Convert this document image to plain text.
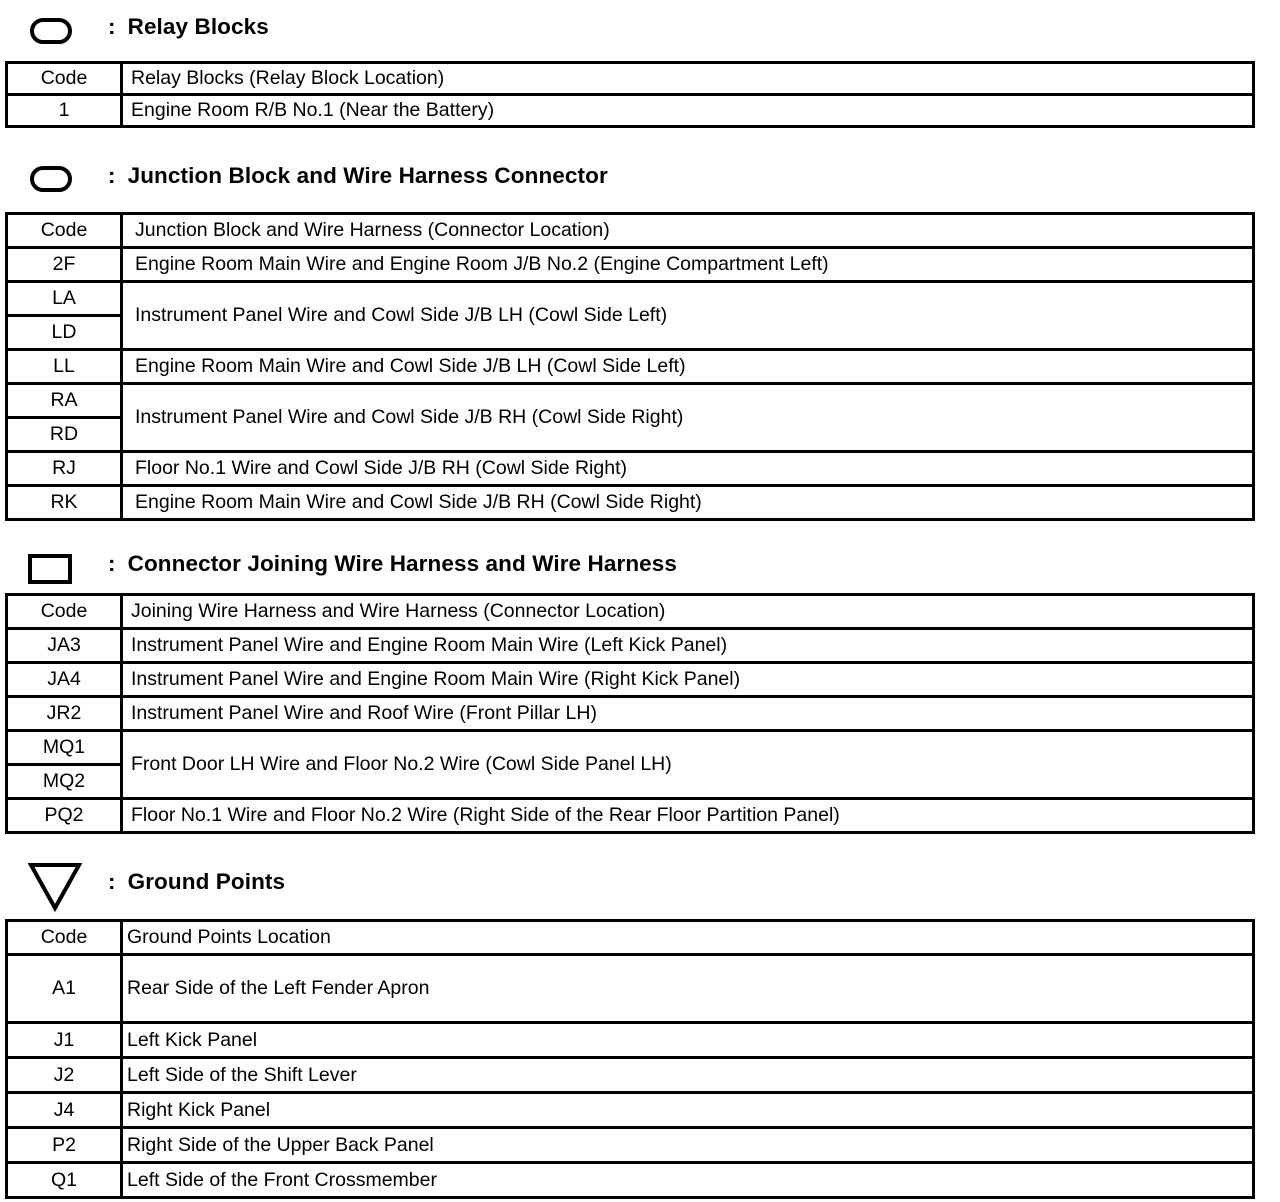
: Relay Blocks
Code	Relay Blocks (Relay Block Location)
1	Engine Room R/B No.1 (Near the Battery)
: Junction Block and Wire Harness Connector
Code	Junction Block and Wire Harness (Connector Location)
2F	Engine Room Main Wire and Engine Room J/B No.2 (Engine Compartment Left)
LA	Instrument Panel Wire and Cowl Side J/B LH (Cowl Side Left)
LD	
LL	Engine Room Main Wire and Cowl Side J/B LH (Cowl Side Left)
RA	Instrument Panel Wire and Cowl Side J/B RH (Cowl Side Right)
RD	
RJ	Floor No.1 Wire and Cowl Side J/B RH (Cowl Side Right)
RK	Engine Room Main Wire and Cowl Side J/B RH (Cowl Side Right)
: Connector Joining Wire Harness and Wire Harness
Code	Joining Wire Harness and Wire Harness (Connector Location)
JA3	Instrument Panel Wire and Engine Room Main Wire (Left Kick Panel)
JA4	Instrument Panel Wire and Engine Room Main Wire (Right Kick Panel)
JR2	Instrument Panel Wire and Roof Wire (Front Pillar LH)
MQ1	Front Door LH Wire and Floor No.2 Wire (Cowl Side Panel LH)
MQ2	
PQ2	Floor No.1 Wire and Floor No.2 Wire (Right Side of the Rear Floor Partition Panel)
: Ground Points
Code	Ground Points Location
A1	Rear Side of the Left Fender Apron
J1	Left Kick Panel
J2	Left Side of the Shift Lever
J4	Right Kick Panel
P2	Right Side of the Upper Back Panel
Q1	Left Side of the Front Crossmember
